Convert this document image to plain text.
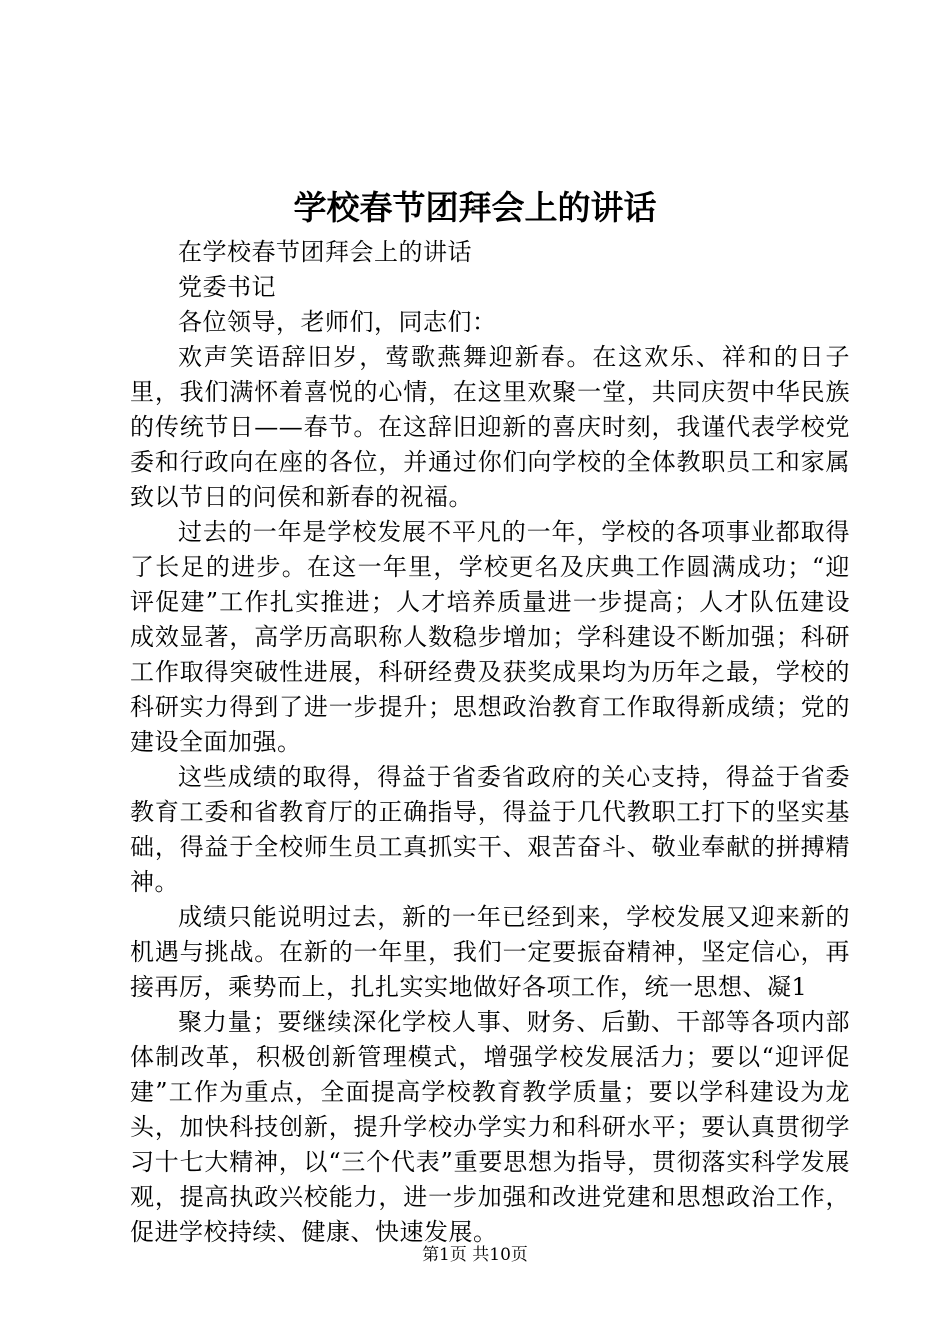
学校春节团拜会上的讲话

在学校春节团拜会上的讲话

党委书记

各位领导，老师们，同志们：

欢声笑语辞旧岁，莺歌燕舞迎新春。在这欢乐、祥和的日子里，我们满怀着喜悦的心情，在这里欢聚一堂，共同庆贺中华民族的传统节日——春节。在这辞旧迎新的喜庆时刻，我谨代表学校党委和行政向在座的各位，并通过你们向学校的全体教职员工和家属致以节日的问侯和新春的祝福。

过去的一年是学校发展不平凡的一年，学校的各项事业都取得了长足的进步。在这一年里，学校更名及庆典工作圆满成功；“迎评促建”工作扎实推进；人才培养质量进一步提高；人才队伍建设成效显著，高学历高职称人数稳步增加；学科建设不断加强；科研工作取得突破性进展，科研经费及获奖成果均为历年之最，学校的科研实力得到了进一步提升；思想政治教育工作取得新成绩；党的建设全面加强。

这些成绩的取得，得益于省委省政府的关心支持，得益于省委教育工委和省教育厅的正确指导，得益于几代教职工打下的坚实基础，得益于全校师生员工真抓实干、艰苦奋斗、敬业奉献的拼搏精神。

成绩只能说明过去，新的一年已经到来，学校发展又迎来新的机遇与挑战。在新的一年里，我们一定要振奋精神，坚定信心，再接再厉，乘势而上，扎扎实实地做好各项工作，统一思想、凝1

聚力量；要继续深化学校人事、财务、后勤、干部等各项内部体制改革，积极创新管理模式，增强学校发展活力；要以“迎评促建”工作为重点，全面提高学校教育教学质量；要以学科建设为龙头，加快科技创新，提升学校办学实力和科研水平；要认真贯彻学习十七大精神，以“三个代表”重要思想为指导，贯彻落实科学发展观，提高执政兴校能力，进一步加强和改进党建和思想政治工作，促进学校持续、健康、快速发展。

第1页 共10页
